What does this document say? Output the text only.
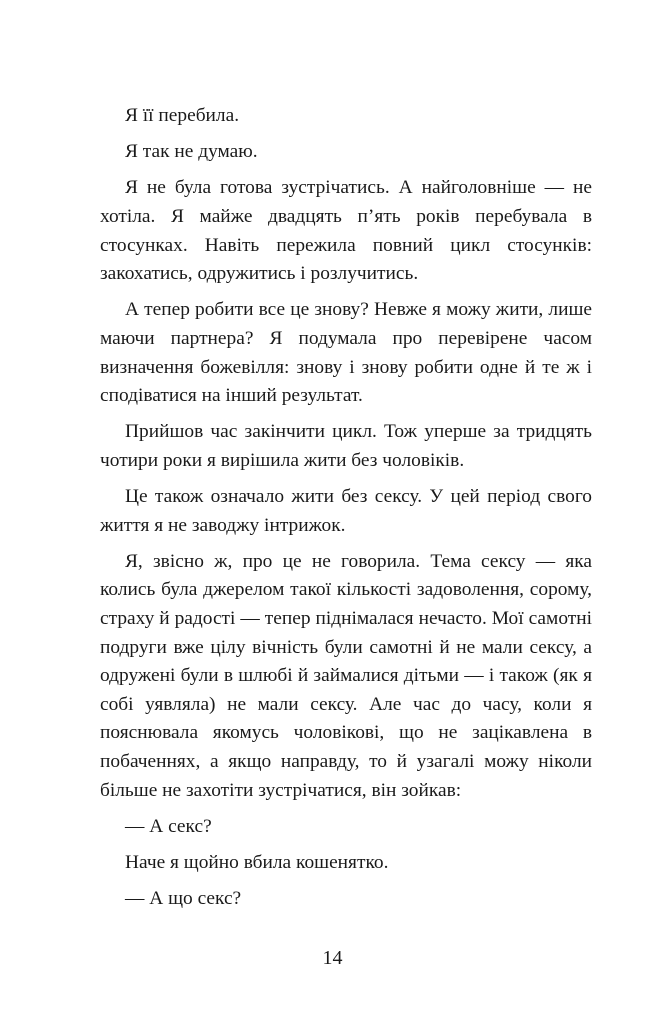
Я її перебила.

Я так не думаю.

Я не була готова зустрічатись. А найголовніше — не хотіла. Я майже двадцять п’ять років перебувала в стосунках. Навіть пережила повний цикл стосунків: закохатись, одружитись і розлучитись.

А тепер робити все це знову? Невже я можу жити, лише маючи партнера? Я подумала про перевірене часом визначення божевілля: знову і знову робити одне й те ж і сподіватися на інший результат.

Прийшов час закінчити цикл. Тож уперше за тридцять чотири роки я вирішила жити без чоловіків.

Це також означало жити без сексу. У цей період свого життя я не заводжу інтрижок.

Я, звісно ж, про це не говорила. Тема сексу — яка колись була джерелом такої кількості задоволення, сорому, страху й радості — тепер піднімалася нечасто. Мої самотні подруги вже цілу вічність були самотні й не мали сексу, а одружені були в шлюбі й займалися дітьми — і також (як я собі уявляла) не мали сексу. Але час до часу, коли я пояснювала якомусь чоловікові, що не зацікавлена в побаченнях, а якщо направду, то й узагалі можу ніколи більше не захотіти зустрічатися, він зойкав:

— А секс?

Наче я щойно вбила кошенятко.

— А що секс?

14
